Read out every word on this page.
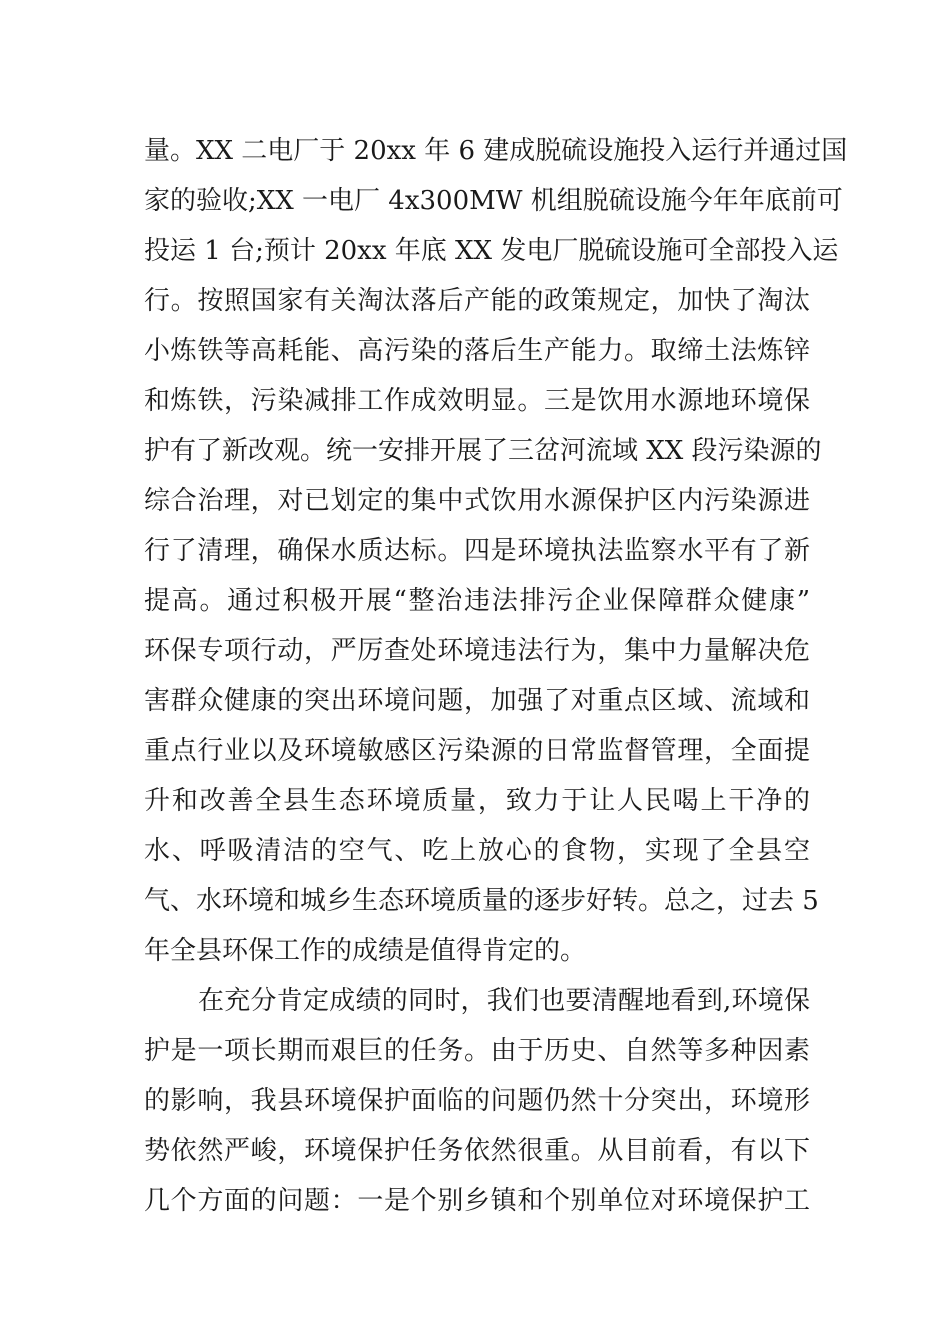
量。XX 二电厂于 20xx 年 6 建成脱硫设施投入运行并通过国
家的验收;XX 一电厂 4x300MW 机组脱硫设施今年年底前可
投运 1 台;预计 20xx 年底 XX 发电厂脱硫设施可全部投入运
行。按照国家有关淘汰落后产能的政策规定，加快了淘汰
小炼铁等高耗能、高污染的落后生产能力。取缔土法炼锌
和炼铁，污染减排工作成效明显。三是饮用水源地环境保
护有了新改观。统一安排开展了三岔河流域 XX 段污染源的
综合治理，对已划定的集中式饮用水源保护区内污染源进
行了清理，确保水质达标。四是环境执法监察水平有了新
提高。通过积极开展“整治违法排污企业保障群众健康”
环保专项行动，严厉查处环境违法行为，集中力量解决危
害群众健康的突出环境问题，加强了对重点区域、流域和
重点行业以及环境敏感区污染源的日常监督管理，全面提
升和改善全县生态环境质量，致力于让人民喝上干净的
水、呼吸清洁的空气、吃上放心的食物，实现了全县空
气、水环境和城乡生态环境质量的逐步好转。总之，过去 5
年全县环保工作的成绩是值得肯定的。
在充分肯定成绩的同时，我们也要清醒地看到,环境保
护是一项长期而艰巨的任务。由于历史、自然等多种因素
的影响，我县环境保护面临的问题仍然十分突出，环境形
势依然严峻，环境保护任务依然很重。从目前看，有以下
几个方面的问题：一是个别乡镇和个别单位对环境保护工
